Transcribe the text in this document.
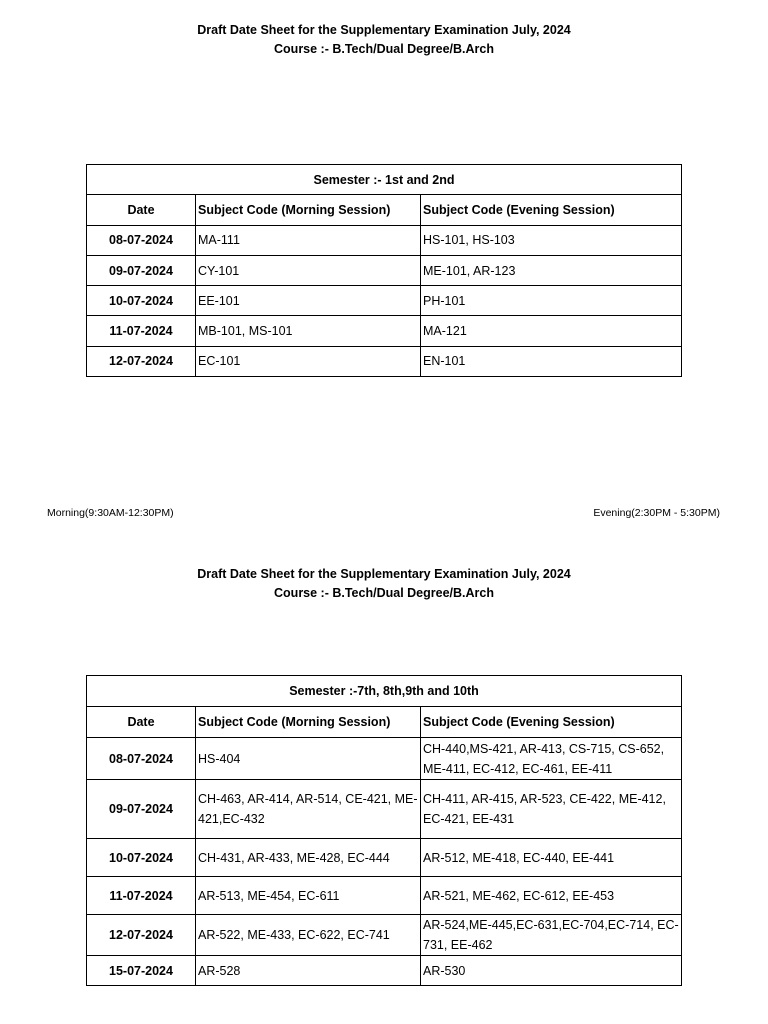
Draft Date Sheet for the Supplementary Examination July, 2024
Course :- B.Tech/Dual Degree/B.Arch
Semester :- 1st and 2nd		
Date	Subject Code (Morning Session)	Subject Code (Evening Session)
08-07-2024	MA-111	HS-101, HS-103
09-07-2024	CY-101	ME-101, AR-123
10-07-2024	EE-101	PH-101
11-07-2024	MB-101, MS-101	MA-121
12-07-2024	EC-101	EN-101
Morning(9:30AM-12:30PM)	Evening(2:30PM - 5:30PM)
Draft Date Sheet for the Supplementary Examination July, 2024
Course :- B.Tech/Dual Degree/B.Arch
Semester :-7th, 8th,9th and 10th		
Date	Subject Code (Morning Session)	Subject Code (Evening Session)
08-07-2024	HS-404	CH-440,MS-421, AR-413, CS-715, CS-652, ME-411, EC-412, EC-461, EE-411
09-07-2024	CH-463, AR-414, AR-514, CE-421, ME-421,EC-432	CH-411, AR-415, AR-523, CE-422, ME-412, EC-421, EE-431
10-07-2024	CH-431, AR-433, ME-428, EC-444	AR-512, ME-418, EC-440, EE-441
11-07-2024	AR-513, ME-454, EC-611	AR-521, ME-462, EC-612, EE-453
12-07-2024	AR-522, ME-433, EC-622, EC-741	AR-524,ME-445,EC-631,EC-704,EC-714, EC-731, EE-462
15-07-2024	AR-528	AR-530
